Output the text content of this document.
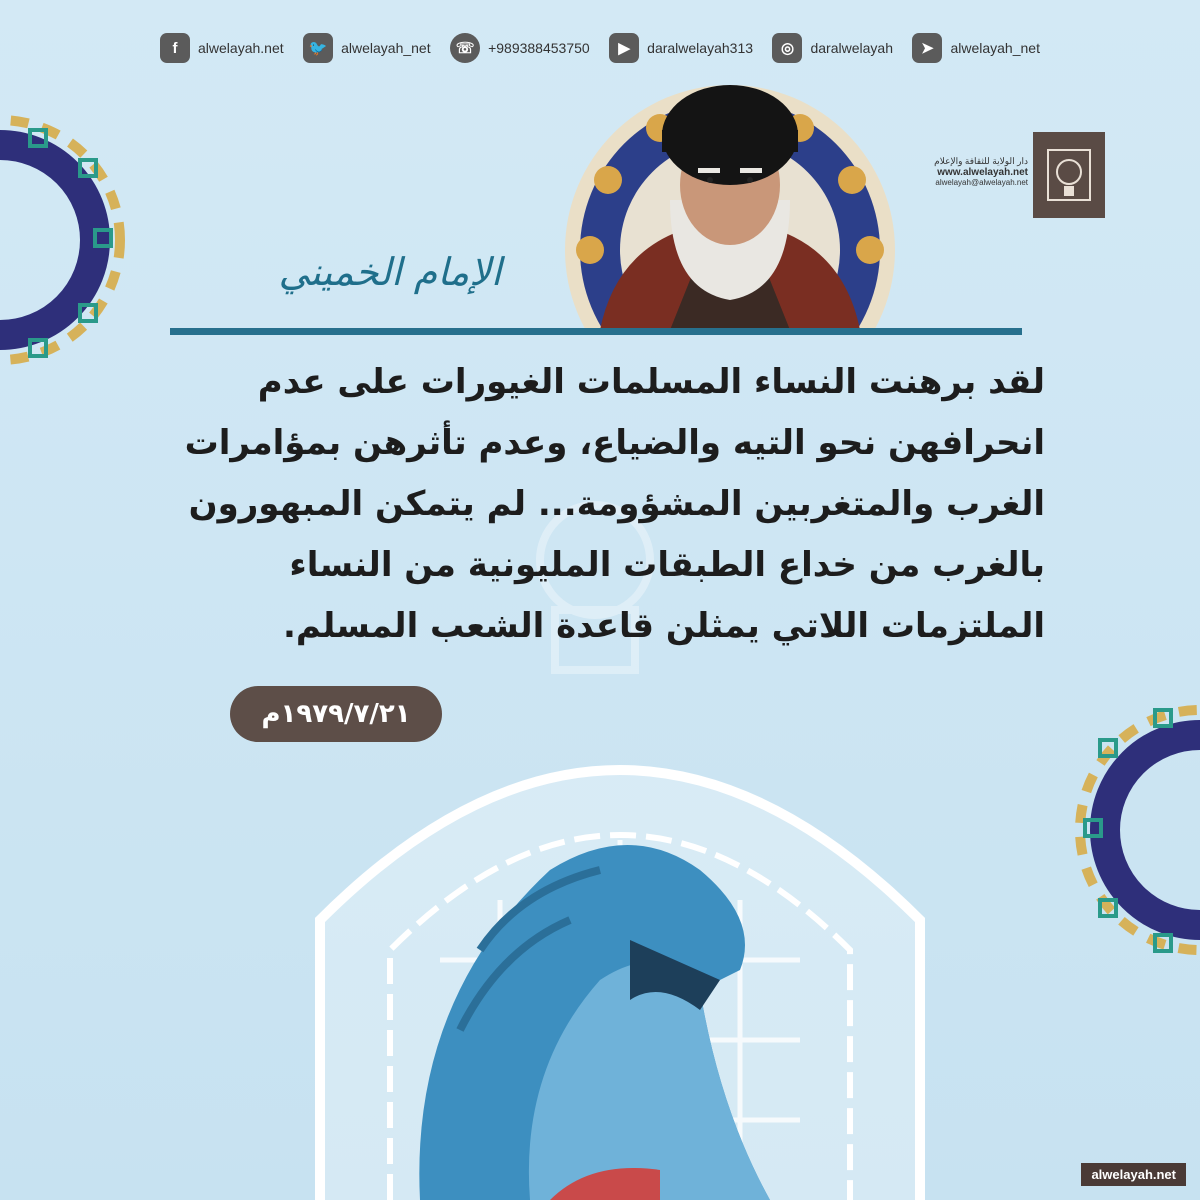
f	alwelayah.net	🐦 alwelayah_net	☏ +989388453750	▶	daralwelayah313	◎	daralwelayah	➤	alwelayah_net
الإمام الخميني
دار الولاية للثقافة والإعلام
www.alwelayah.net
alwelayah@alwelayah.net
لقد برهنت النساء المسلمات الغيورات على عدم
انحرافهن نحو التيه والضياع، وعدم تأثرهن بمؤامرات
الغرب والمتغربين المشؤومة... لم يتمكن المبهورون
بالغرب من خداع الطبقات المليونية من النساء
الملتزمات اللاتي يمثلن قاعدة الشعب المسلم.
١٩٧٩/٧/٢١م
alwelayah.net
